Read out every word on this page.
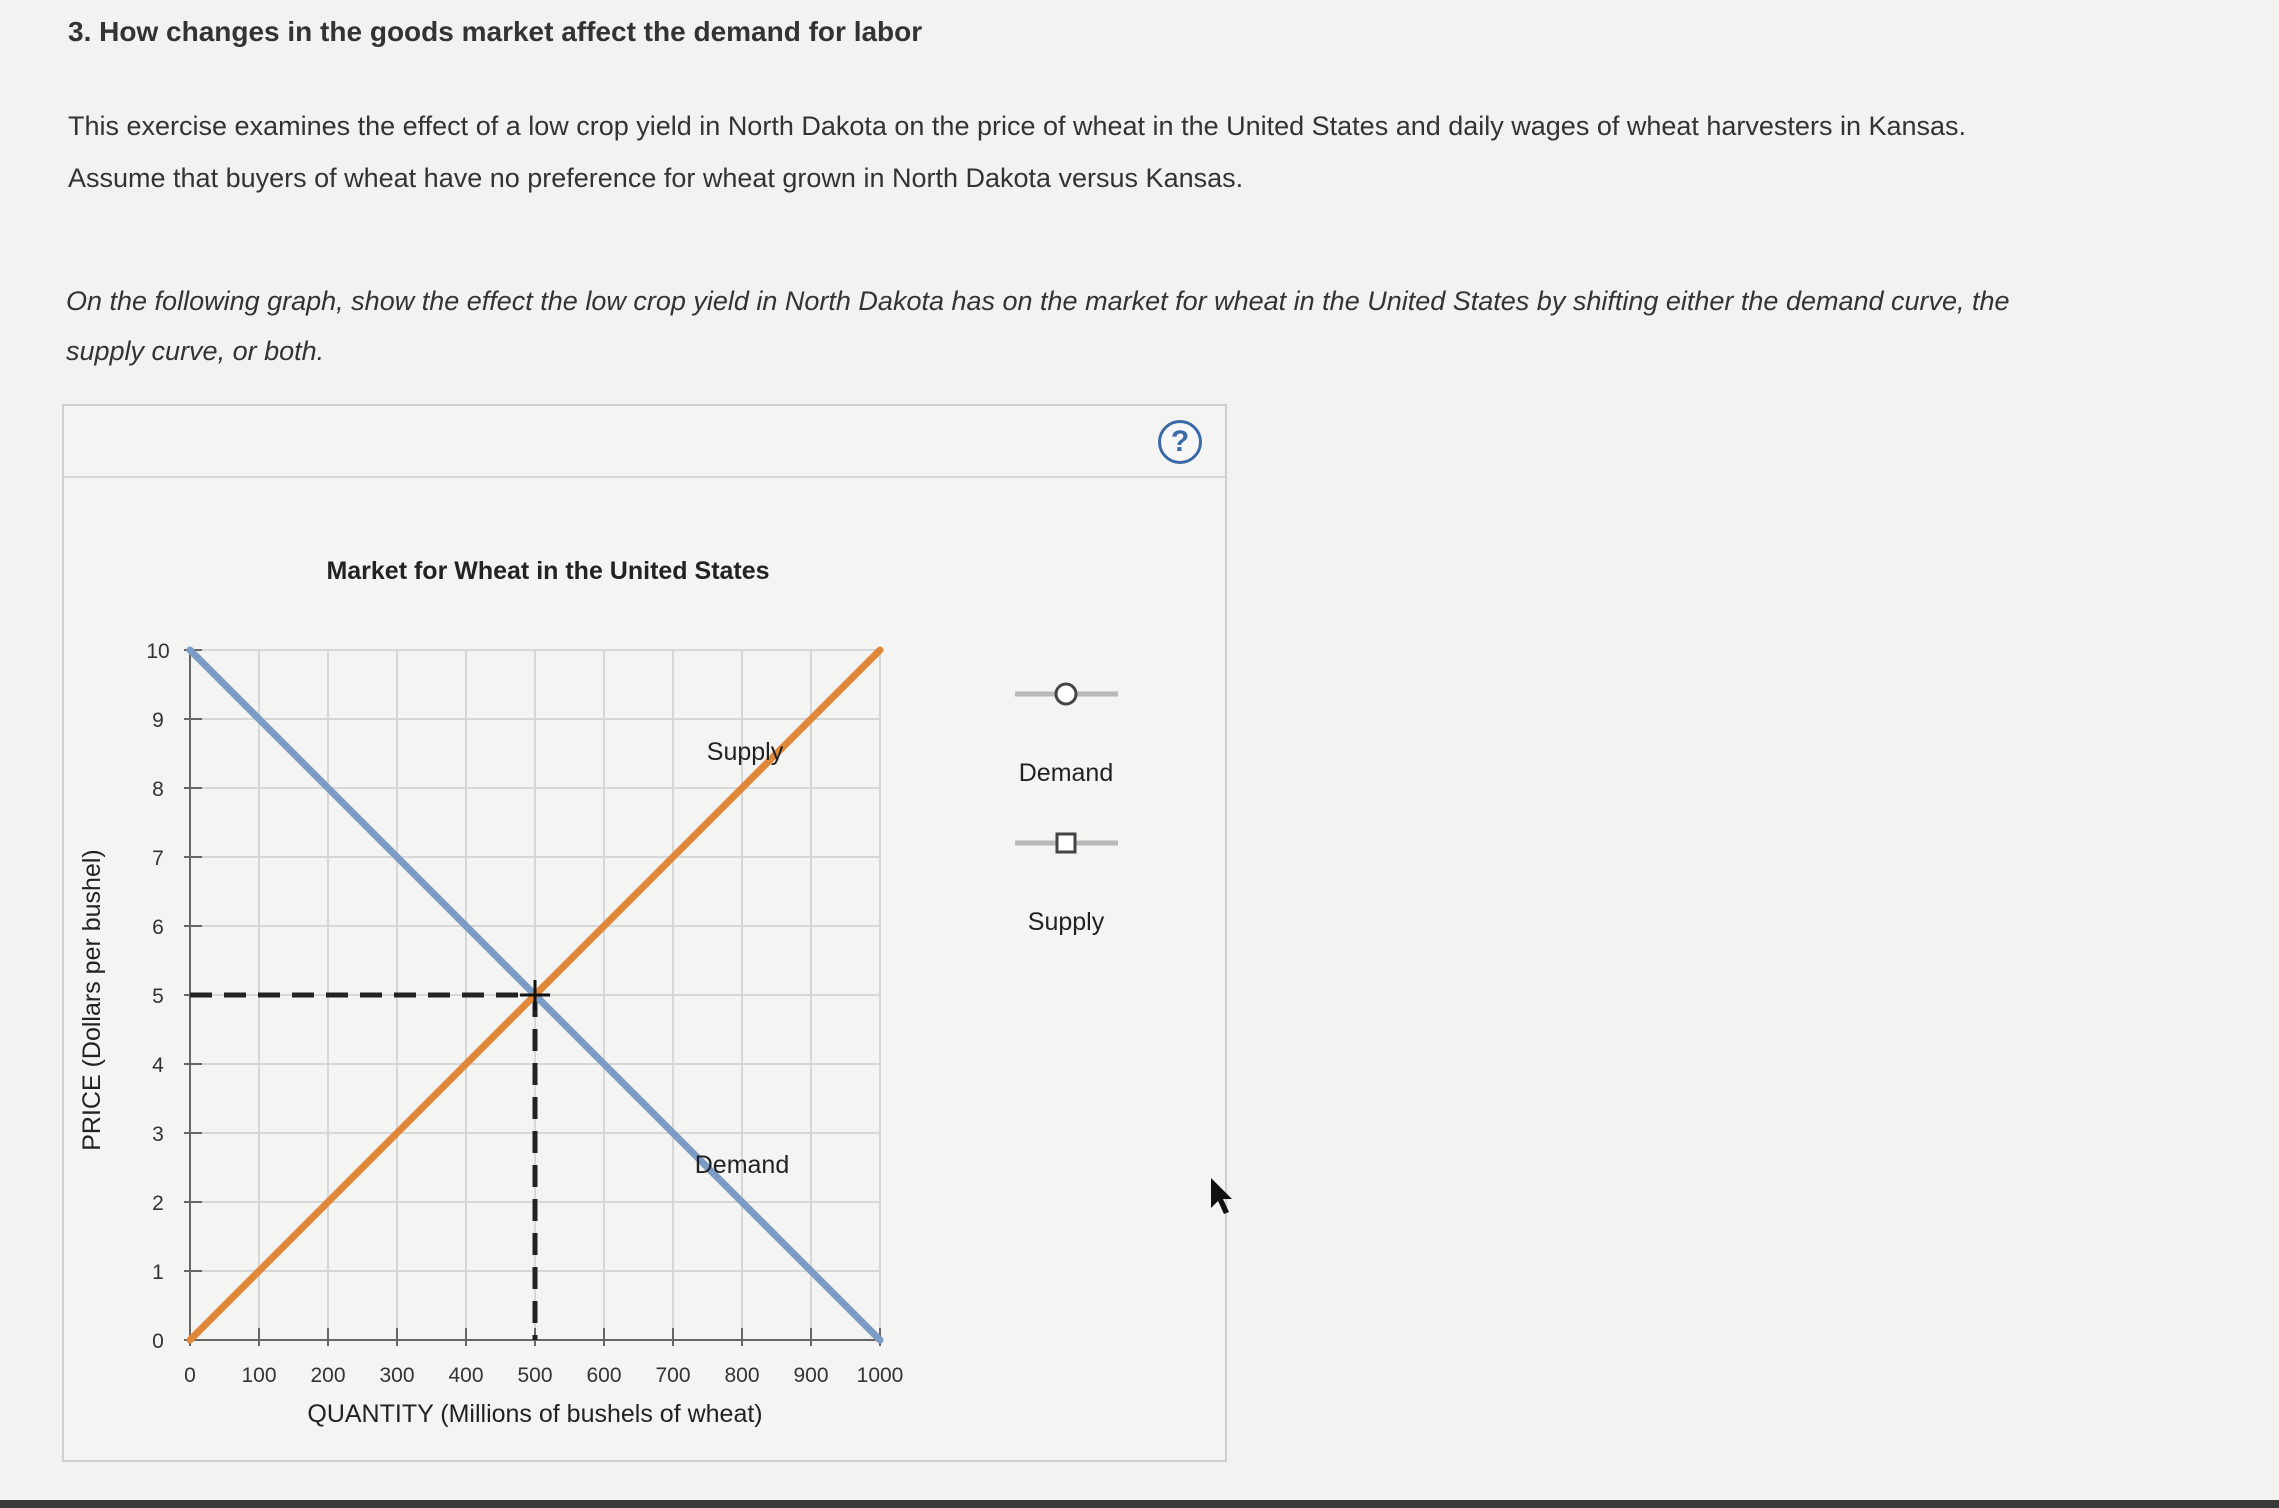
3. How changes in the goods market affect the demand for labor

This exercise examines the effect of a low crop yield in North Dakota on the price of wheat in the United States and daily wages of wheat harvesters in Kansas. Assume that buyers of wheat have no preference for wheat grown in North Dakota versus Kansas.

On the following graph, show the effect the low crop yield in North Dakota has on the market for wheat in the United States by shifting either the demand curve, the supply curve, or both.

?
0
1
2
3
4
5
6
7
8
9
10
0 100 200 300 400 500 600 700 800 900 1000
Supply
Demand
Market for Wheat in the United States
QUANTITY (Millions of bushels of wheat)
PRICE (Dollars per bushel)
Demand
Supply
